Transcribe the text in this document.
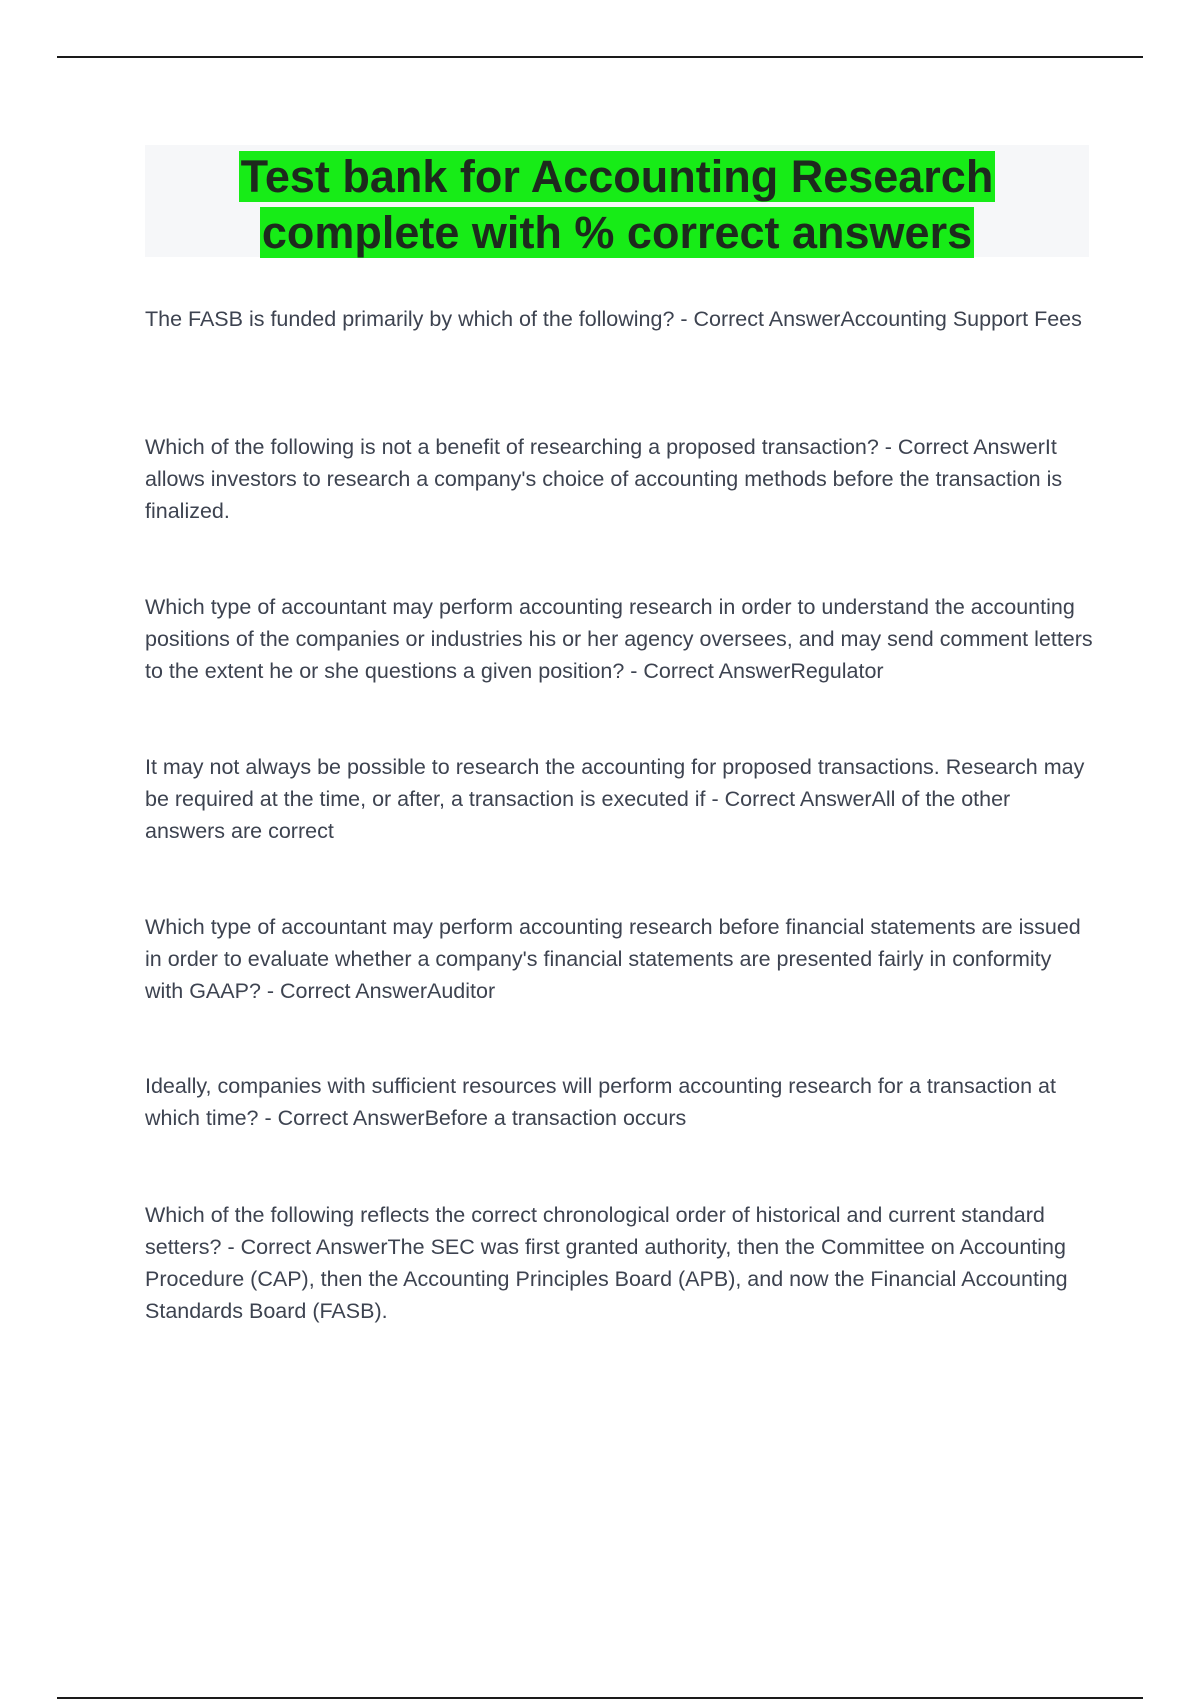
Test bank for Accounting Research
complete with % correct answers

The FASB is funded primarily by which of the following? - Correct AnswerAccounting Support Fees

Which of the following is not a benefit of researching a proposed transaction? - Correct AnswerIt allows investors to research a company's choice of accounting methods before the transaction is finalized.

Which type of accountant may perform accounting research in order to understand the accounting positions of the companies or industries his or her agency oversees, and may send comment letters to the extent he or she questions a given position? - Correct AnswerRegulator

It may not always be possible to research the accounting for proposed transactions. Research may be required at the time, or after, a transaction is executed if - Correct AnswerAll of the other answers are correct

Which type of accountant may perform accounting research before financial statements are issued in order to evaluate whether a company's financial statements are presented fairly in conformity with GAAP? - Correct AnswerAuditor

Ideally, companies with sufficient resources will perform accounting research for a transaction at which time? - Correct AnswerBefore a transaction occurs

Which of the following reflects the correct chronological order of historical and current standard setters? - Correct AnswerThe SEC was first granted authority, then the Committee on Accounting Procedure (CAP), then the Accounting Principles Board (APB), and now the Financial Accounting Standards Board (FASB).
